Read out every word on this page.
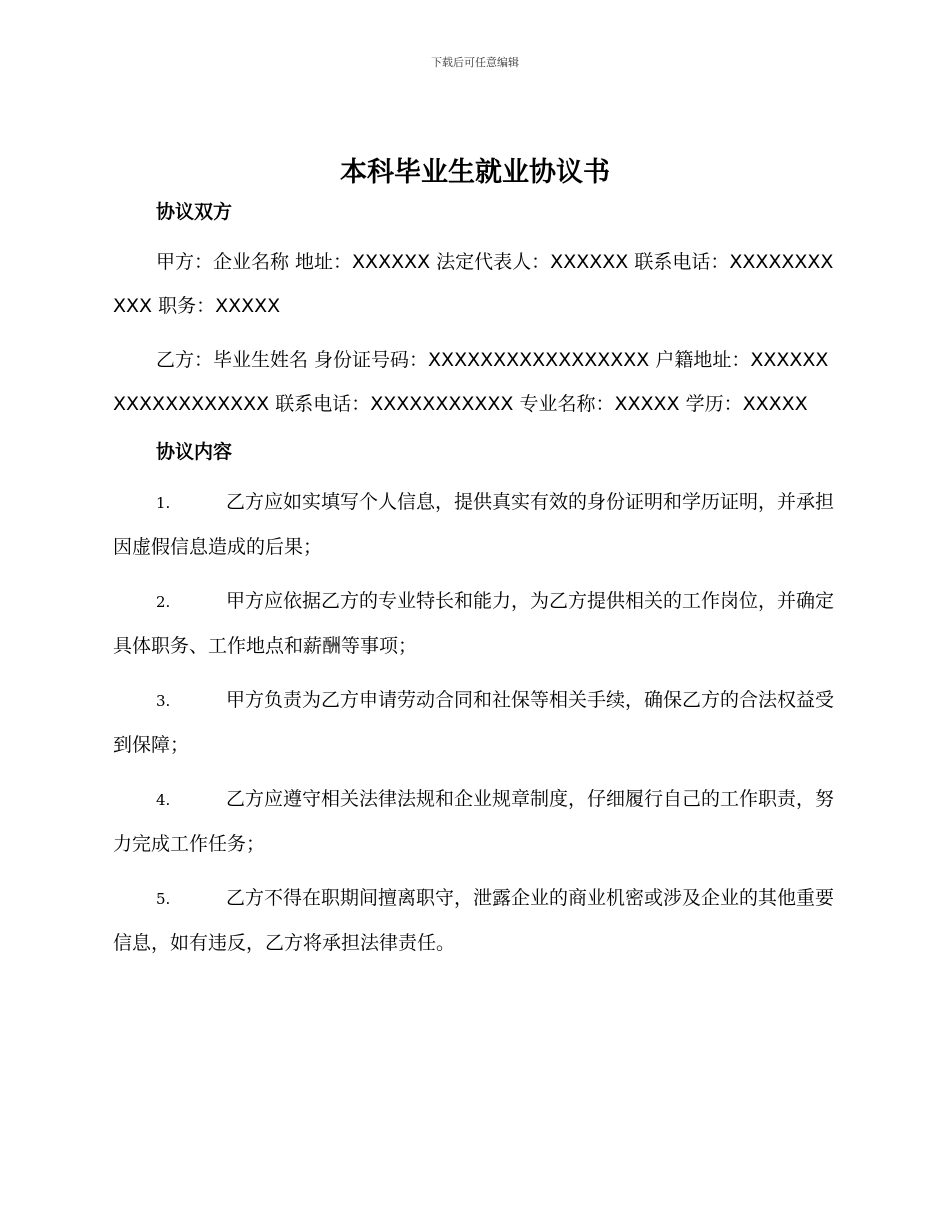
下载后可任意编辑
本科毕业生就业协议书

协议双方

甲方：企业名称 地址：XXXXXX 法定代表人：XXXXXX 联系电话：XXXXXXXXXXX 职务：XXXXX

乙方：毕业生姓名 身份证号码：XXXXXXXXXXXXXXXXX 户籍地址：XXXXXXXXXXXXXXXXXX 联系电话：XXXXXXXXXXX 专业名称：XXXXX 学历：XXXXX

协议内容

1.	乙方应如实填写个人信息，提供真实有效的身份证明和学历证明，并承担因虚假信息造成的后果；

2.	甲方应依据乙方的专业特长和能力，为乙方提供相关的工作岗位，并确定具体职务、工作地点和薪酬等事项；

3.	甲方负责为乙方申请劳动合同和社保等相关手续，确保乙方的合法权益受到保障；

4.	乙方应遵守相关法律法规和企业规章制度，仔细履行自己的工作职责，努力完成工作任务；

5.	乙方不得在职期间擅离职守，泄露企业的商业机密或涉及企业的其他重要信息，如有违反，乙方将承担法律责任。
